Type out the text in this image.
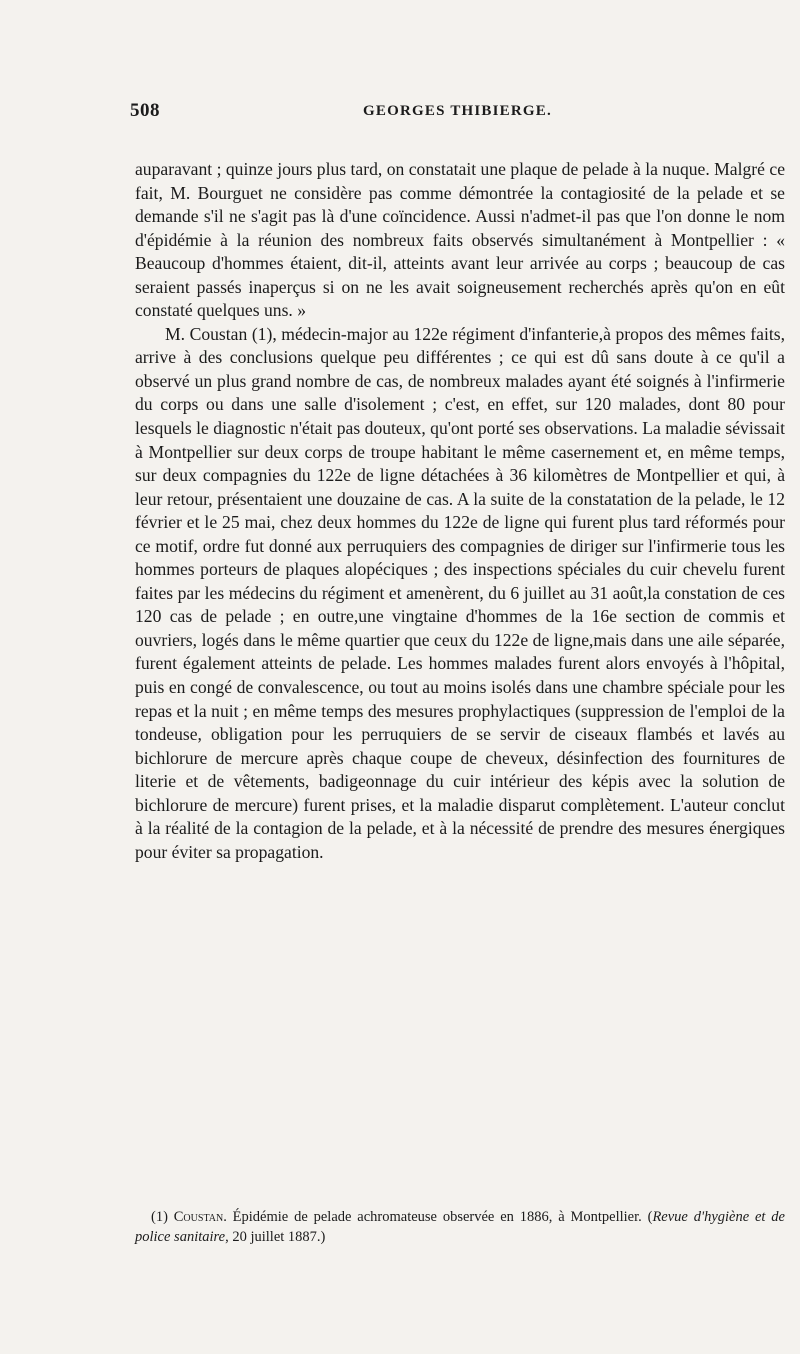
508	GEORGES THIBIERGE.

auparavant ; quinze jours plus tard, on constatait une plaque de pelade à la nuque. Malgré ce fait, M. Bourguet ne considère pas comme démontrée la contagiosité de la pelade et se demande s'il ne s'agit pas là d'une coïncidence. Aussi n'admet-il pas que l'on donne le nom d'épidémie à la réunion des nombreux faits observés simultanément à Montpellier : « Beaucoup d'hommes étaient, dit-il, atteints avant leur arrivée au corps ; beaucoup de cas seraient passés inaperçus si on ne les avait soigneusement recherchés après qu'on en eût constaté quelques uns. »

M. Coustan (1), médecin-major au 122e régiment d'infanterie,à propos des mêmes faits, arrive à des conclusions quelque peu différentes ; ce qui est dû sans doute à ce qu'il a observé un plus grand nombre de cas, de nombreux malades ayant été soignés à l'infirmerie du corps ou dans une salle d'isolement ; c'est, en effet, sur 120 malades, dont 80 pour lesquels le diagnostic n'était pas douteux, qu'ont porté ses observations. La maladie sévissait à Montpellier sur deux corps de troupe habitant le même casernement et, en même temps, sur deux compagnies du 122e de ligne détachées à 36 kilomètres de Montpellier et qui, à leur retour, présentaient une douzaine de cas. A la suite de la constatation de la pelade, le 12 février et le 25 mai, chez deux hommes du 122e de ligne qui furent plus tard réformés pour ce motif, ordre fut donné aux perruquiers des compagnies de diriger sur l'infirmerie tous les hommes porteurs de plaques alopéciques ; des inspections spéciales du cuir chevelu furent faites par les médecins du régiment et amenèrent, du 6 juillet au 31 août,la constation de ces 120 cas de pelade ; en outre,une vingtaine d'hommes de la 16e section de commis et ouvriers, logés dans le même quartier que ceux du 122e de ligne,mais dans une aile séparée, furent également atteints de pelade. Les hommes malades furent alors envoyés à l'hôpital, puis en congé de convalescence, ou tout au moins isolés dans une chambre spéciale pour les repas et la nuit ; en même temps des mesures prophylactiques (suppression de l'emploi de la tondeuse, obligation pour les perruquiers de se servir de ciseaux flambés et lavés au bichlorure de mercure après chaque coupe de cheveux, désinfection des fournitures de literie et de vêtements, badigeonnage du cuir intérieur des képis avec la solution de bichlorure de mercure) furent prises, et la maladie disparut complètement. L'auteur conclut à la réalité de la contagion de la pelade, et à la nécessité de prendre des mesures énergiques pour éviter sa propagation.

(1) Coustan. Épidémie de pelade achromateuse observée en 1886, à Montpellier. (Revue d'hygiène et de police sanitaire, 20 juillet 1887.)
